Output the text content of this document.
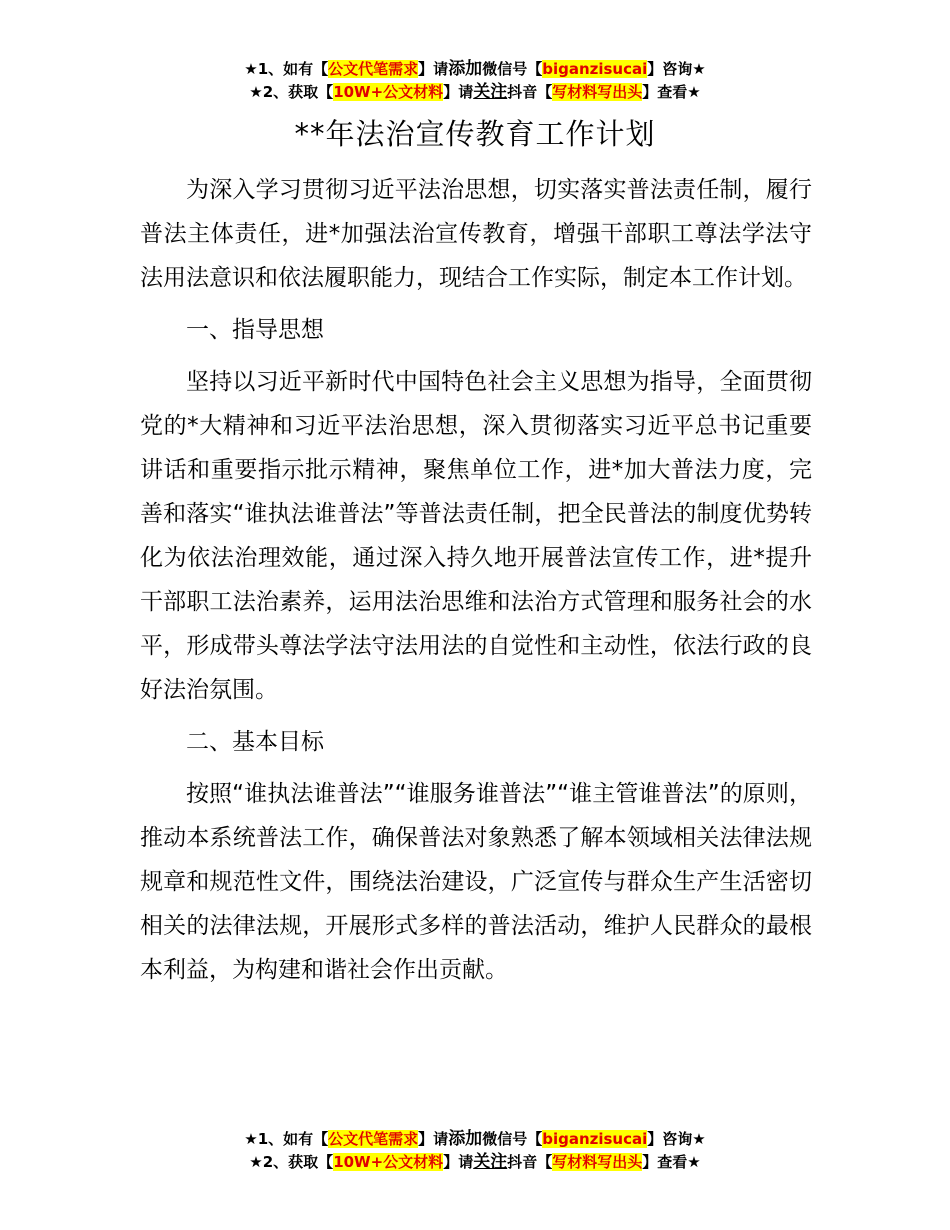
★1、如有【公文代笔需求】请添加微信号【biganzisucai】咨询★
★2、获取【10W+公文材料】请关注抖音【写材料写出头】查看★
**年法治宣传教育工作计划

为深入学习贯彻习近平法治思想，切实落实普法责任制，履行普法主体责任，进*加强法治宣传教育，增强干部职工尊法学法守法用法意识和依法履职能力，现结合工作实际，制定本工作计划。

一、指导思想

坚持以习近平新时代中国特色社会主义思想为指导，全面贯彻党的*大精神和习近平法治思想，深入贯彻落实习近平总书记重要讲话和重要指示批示精神，聚焦单位工作，进*加大普法力度，完善和落实“谁执法谁普法”等普法责任制，把全民普法的制度优势转化为依法治理效能，通过深入持久地开展普法宣传工作，进*提升干部职工法治素养，运用法治思维和法治方式管理和服务社会的水平，形成带头尊法学法守法用法的自觉性和主动性，依法行政的良好法治氛围。

二、基本目标

按照“谁执法谁普法”“谁服务谁普法”“谁主管谁普法”的原则，推动本系统普法工作，确保普法对象熟悉了解本领域相关法律法规规章和规范性文件，围绕法治建设，广泛宣传与群众生产生活密切相关的法律法规，开展形式多样的普法活动，维护人民群众的最根本利益，为构建和谐社会作出贡献。

★1、如有【公文代笔需求】请添加微信号【biganzisucai】咨询★
★2、获取【10W+公文材料】请关注抖音【写材料写出头】查看★
